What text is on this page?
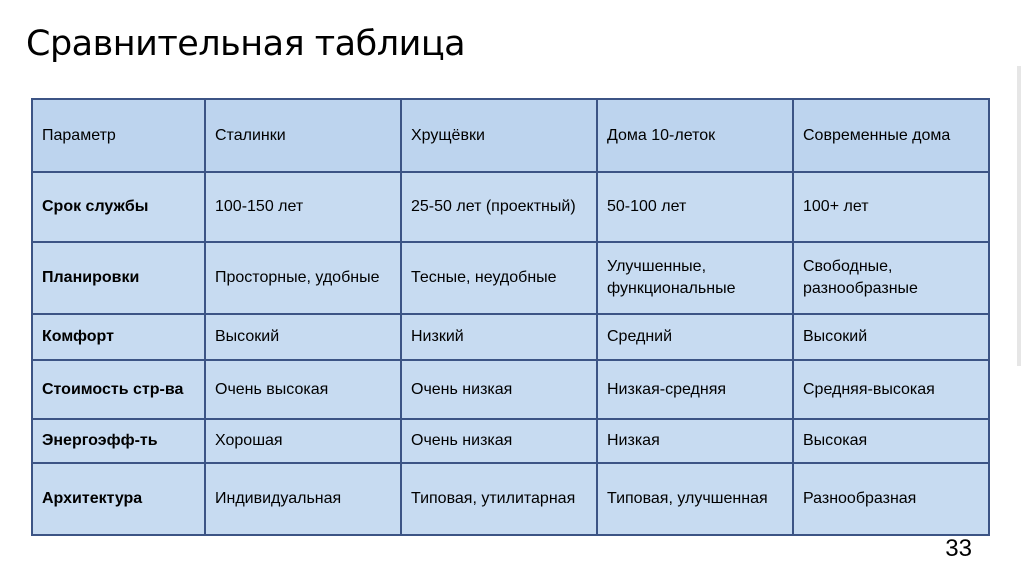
Сравнительная таблица
Параметр	Сталинки	Хрущёвки	Дома 10-леток	Современные дома
Срок службы	100-150 лет	25-50 лет (проектный)	50-100 лет	100+ лет
Планировки	Просторные, удобные	Тесные, неудобные	Улучшенные, функциональные	Свободные, разнообразные
Комфорт	Высокий	Низкий	Средний	Высокий
Стоимость стр-ва	Очень высокая	Очень низкая	Низкая-средняя	Средняя-высокая
Энергоэфф-ть	Хорошая	Очень низкая	Низкая	Высокая
Архитектура	Индивидуальная	Типовая, утилитарная	Типовая, улучшенная	Разнообразная
33
